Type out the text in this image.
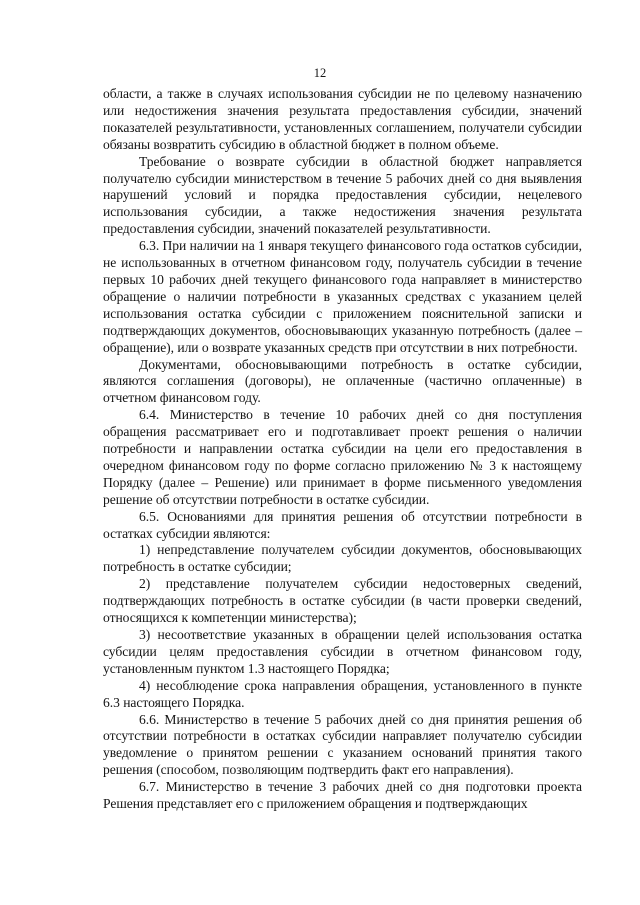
12

области, а также в случаях использования субсидии не по целевому назначению или недостижения значения результата предоставления субсидии, значений показателей результативности, установленных соглашением, получатели субсидии обязаны возвратить субсидию в областной бюджет в полном объеме.

Требование о возврате субсидии в областной бюджет направляется получателю субсидии министерством в течение 5 рабочих дней со дня выявления нарушений условий и порядка предоставления субсидии, нецелевого использования субсидии, а также недостижения значения результата предоставления субсидии, значений показателей результативности.

6.3. При наличии на 1 января текущего финансового года остатков субсидии, не использованных в отчетном финансовом году, получатель субсидии в течение первых 10 рабочих дней текущего финансового года направляет в министерство обращение о наличии потребности в указанных средствах с указанием целей использования остатка субсидии с приложением пояснительной записки и подтверждающих документов, обосновывающих указанную потребность (далее – обращение), или о возврате указанных средств при отсутствии в них потребности.

Документами, обосновывающими потребность в остатке субсидии, являются соглашения (договоры), не оплаченные (частично оплаченные) в отчетном финансовом году.

6.4. Министерство в течение 10 рабочих дней со дня поступления обращения рассматривает его и подготавливает проект решения о наличии потребности и направлении остатка субсидии на цели его предоставления в очередном финансовом году по форме согласно приложению № 3 к настоящему Порядку (далее – Решение) или принимает в форме письменного уведомления решение об отсутствии потребности в остатке субсидии.

6.5. Основаниями для принятия решения об отсутствии потребности в остатках субсидии являются:

1) непредставление получателем субсидии документов, обосновывающих потребность в остатке субсидии;

2) представление получателем субсидии недостоверных сведений, подтверждающих потребность в остатке субсидии (в части проверки сведений, относящихся к компетенции министерства);

3) несоответствие указанных в обращении целей использования остатка субсидии целям предоставления субсидии в отчетном финансовом году, установленным пунктом 1.3 настоящего Порядка;

4) несоблюдение срока направления обращения, установленного в пункте 6.3 настоящего Порядка.

6.6. Министерство в течение 5 рабочих дней со дня принятия решения об отсутствии потребности в остатках субсидии направляет получателю субсидии уведомление о принятом решении с указанием оснований принятия такого решения (способом, позволяющим подтвердить факт его направления).

6.7. Министерство в течение 3 рабочих дней со дня подготовки проекта Решения представляет его с приложением обращения и подтверждающих
